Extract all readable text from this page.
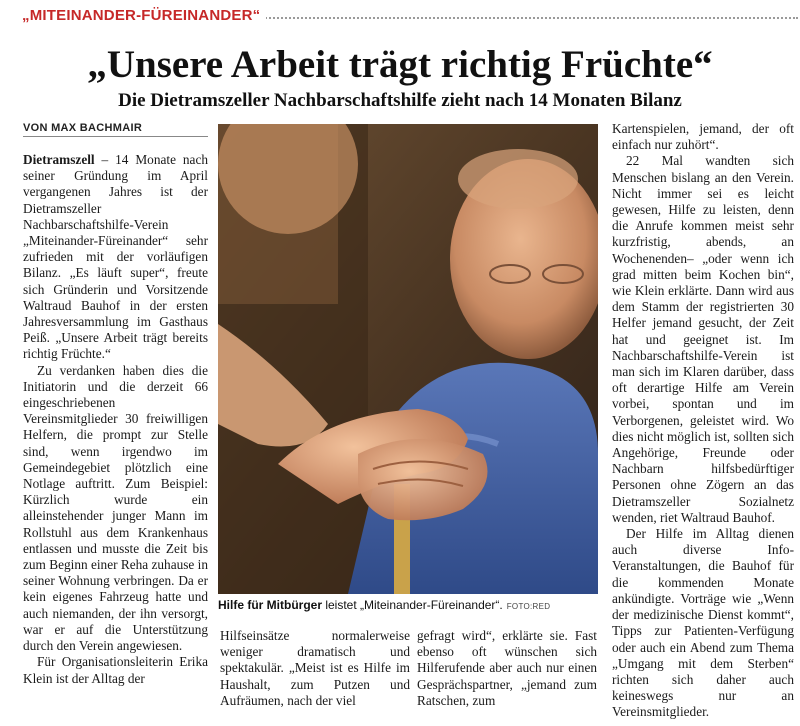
„MITEINANDER-FÜREINANDER“
„Unsere Arbeit trägt richtig Früchte“
Die Dietramszeller Nachbarschaftshilfe zieht nach 14 Monaten Bilanz
VON MAX BACHMAIR

Dietramszell – 14 Monate nach seiner Gründung im April vergangenen Jahres ist der Dietramszeller Nachbarschaftshilfe-Verein „Miteinander-Füreinander“ sehr zufrieden mit der vorläufigen Bilanz. „Es läuft super“, freute sich Gründerin und Vorsitzende Waltraud Bauhof in der ersten Jahresversammlung im Gasthaus Peiß. „Unsere Arbeit trägt bereits richtig Früchte.“

Zu verdanken haben dies die Initiatorin und die derzeit 66 eingeschriebenen Vereinsmitglieder 30 freiwilligen Helfern, die prompt zur Stelle sind, wenn irgendwo im Gemeindegebiet plötzlich eine Notlage auftritt. Zum Beispiel: Kürzlich wurde ein alleinstehender junger Mann im Rollstuhl aus dem Krankenhaus entlassen und musste die Zeit bis zum Beginn einer Reha zuhause in seiner Wohnung verbringen. Da er kein eigenes Fahrzeug hatte und auch niemanden, der ihn versorgt, war er auf die Unterstützung durch den Verein angewiesen.

Für Organisationsleiterin Erika Klein ist der Alltag der

Hilfe für Mitbürger leistet „Miteinander-Füreinander“. FOTO:RED

Hilfseinsätze normalerweise weniger dramatisch und spektakulär. „Meist ist es Hilfe im Haushalt, zum Putzen und Aufräumen, nach der viel

gefragt wird“, erklärte sie. Fast ebenso oft wünschen sich Hilferufende aber auch nur einen Gesprächspartner, „jemand zum Ratschen, zum

Kartenspielen, jemand, der oft einfach nur zuhört“.

22 Mal wandten sich Menschen bislang an den Verein. Nicht immer sei es leicht gewesen, Hilfe zu leisten, denn die Anrufe kommen meist sehr kurzfristig, abends, an Wochenenden– „oder wenn ich grad mitten beim Kochen bin“, wie Klein erklärte. Dann wird aus dem Stamm der registrierten 30 Helfer jemand gesucht, der Zeit hat und geeignet ist. Im Nachbarschaftshilfe-Verein ist man sich im Klaren darüber, dass oft derartige Hilfe am Verein vorbei, spontan und im Verborgenen, geleistet wird. Wo dies nicht möglich ist, sollten sich Angehörige, Freunde oder Nachbarn hilfsbedürftiger Personen ohne Zögern an das Dietramszeller Sozialnetz wenden, riet Waltraud Bauhof.

Der Hilfe im Alltag dienen auch diverse Info-Veranstaltungen, die Bauhof für die kommenden Monate ankündigte. Vorträge wie „Wenn der medizinische Dienst kommt“, Tipps zur Patienten-Verfügung oder auch ein Abend zum Thema „Umgang mit dem Sterben“ richten sich daher auch keineswegs nur an Vereinsmitglieder.
